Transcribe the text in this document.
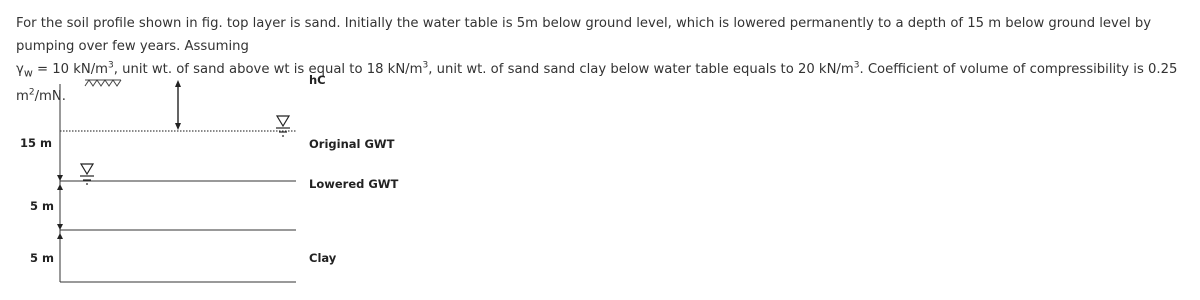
For the soil profile shown in fig. top layer is sand. Initially the water table is 5m below ground level, which is lowered permanently to a depth of 15 m below ground level by pumping over few years. Assuming
$\gamma_w = 10$ $kN/m^3$, unit wt. of sand above wt is equal to 18 $kN/m^3$, unit wt. of sand sand clay below water table equals to 20 $kN/m^3$. Coefficient of volume of compressibility is 0.25 $m^2/mN$.
15 m
5 m
5 m
hC
Original GWT
Lowered GWT
Clay
